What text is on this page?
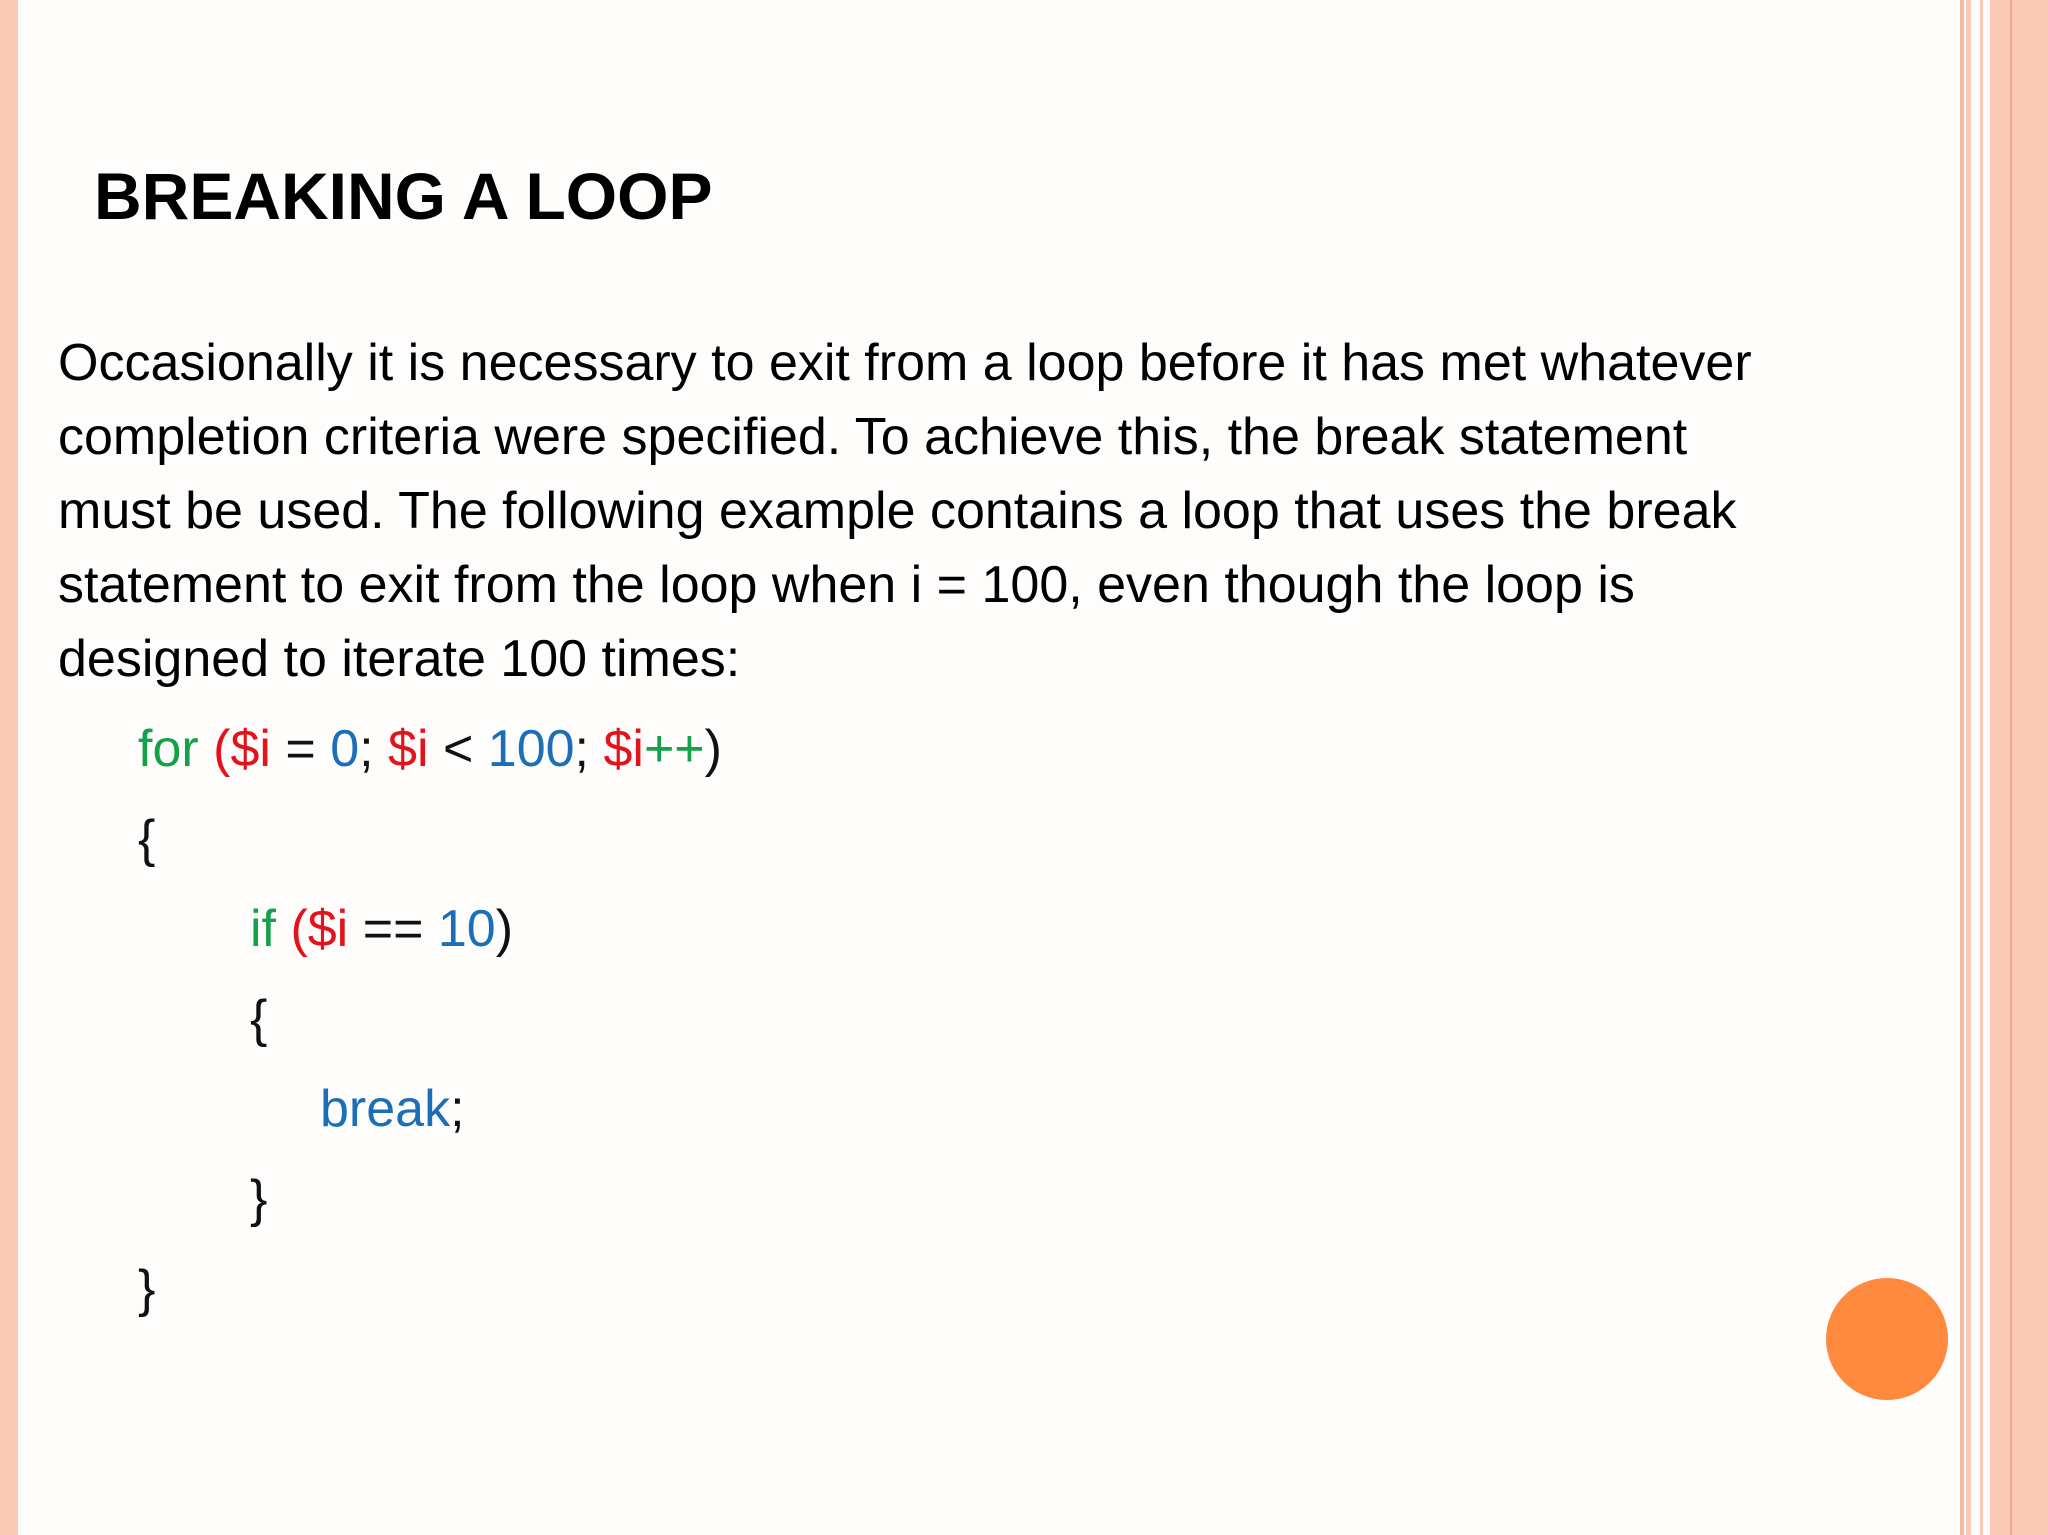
BREAKING A LOOP
Occasionally it is necessary to exit from a loop before it has met whatever
completion criteria were specified. To achieve this, the break statement
must be used. The following example contains a loop that uses the break
statement to exit from the loop when i = 100, even though the loop is
designed to iterate 100 times:
for ($i = 0; $i < 100; $i++)
{
if ($i == 10)
{
break;
}
}
